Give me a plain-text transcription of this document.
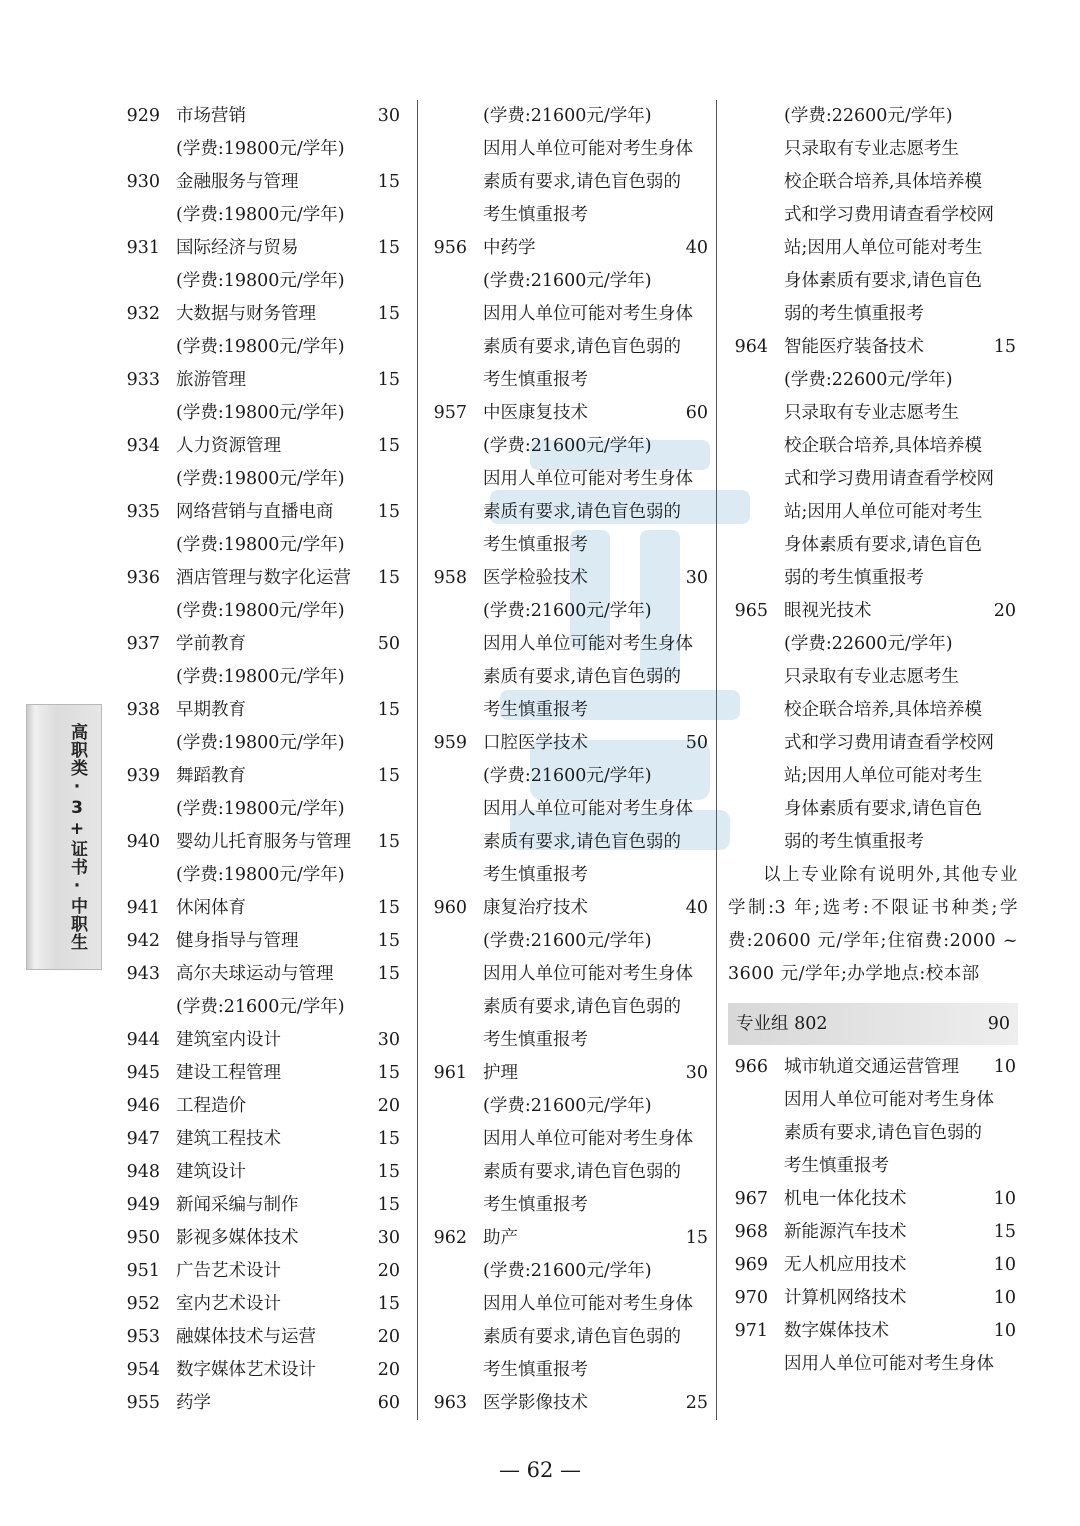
高职类·3+证书·中职生
929 市场营销	30
(学费:19800元/学年)
930 金融服务与管理	15
(学费:19800元/学年)
931 国际经济与贸易	15
(学费:19800元/学年)
932 大数据与财务管理	15
(学费:19800元/学年)
933 旅游管理	15
(学费:19800元/学年)
934 人力资源管理	15
(学费:19800元/学年)
935 网络营销与直播电商	15
(学费:19800元/学年)
936 酒店管理与数字化运营 15
(学费:19800元/学年)
937 学前教育	50
(学费:19800元/学年)
938 早期教育	15
(学费:19800元/学年)
939 舞蹈教育	15
(学费:19800元/学年)
940 婴幼儿托育服务与管理 15
(学费:19800元/学年)
941 休闲体育	15
942 健身指导与管理	15
943 高尔夫球运动与管理	15
(学费:21600元/学年)
944 建筑室内设计	30
945 建设工程管理	15
946 工程造价	20
947 建筑工程技术	15
948 建筑设计	15
949 新闻采编与制作	15
950 影视多媒体技术	30
951 广告艺术设计	20
952 室内艺术设计	15
953 融媒体技术与运营	20
954 数字媒体艺术设计	20
955 药学	60
(学费:21600元/学年)
因用人单位可能对考生身体
素质有要求,请色盲色弱的
考生慎重报考
956 中药学	40
(学费:21600元/学年)
因用人单位可能对考生身体
素质有要求,请色盲色弱的
考生慎重报考
957 中医康复技术	60
(学费:21600元/学年)
因用人单位可能对考生身体
素质有要求,请色盲色弱的
考生慎重报考
958 医学检验技术	30
(学费:21600元/学年)
因用人单位可能对考生身体
素质有要求,请色盲色弱的
考生慎重报考
959 口腔医学技术	50
(学费:21600元/学年)
因用人单位可能对考生身体
素质有要求,请色盲色弱的
考生慎重报考
960 康复治疗技术	40
(学费:21600元/学年)
因用人单位可能对考生身体
素质有要求,请色盲色弱的
考生慎重报考
961 护理	30
(学费:21600元/学年)
因用人单位可能对考生身体
素质有要求,请色盲色弱的
考生慎重报考
962 助产	15
(学费:21600元/学年)
因用人单位可能对考生身体
素质有要求,请色盲色弱的
考生慎重报考
963 医学影像技术	25
(学费:22600元/学年)
只录取有专业志愿考生
校企联合培养,具体培养模
式和学习费用请查看学校网
站;因用人单位可能对考生
身体素质有要求,请色盲色
弱的考生慎重报考
964 智能医疗装备技术	15
(学费:22600元/学年)
只录取有专业志愿考生
校企联合培养,具体培养模
式和学习费用请查看学校网
站;因用人单位可能对考生
身体素质有要求,请色盲色
弱的考生慎重报考
965 眼视光技术	20
(学费:22600元/学年)
只录取有专业志愿考生
校企联合培养,具体培养模
式和学习费用请查看学校网
站;因用人单位可能对考生
身体素质有要求,请色盲色
弱的考生慎重报考

以上专业除有说明外,其他专业学制:3 年;选考:不限证书种类;学费:20600 元/学年;住宿费:2000 ~ 3600 元/学年;办学地点:校本部

专业组 802	90
966 城市轨道交通运营管理 10
因用人单位可能对考生身体
素质有要求,请色盲色弱的
考生慎重报考
967 机电一体化技术	10
968 新能源汽车技术	15
969 无人机应用技术	10
970 计算机网络技术	10
971 数字媒体技术	10
因用人单位可能对考生身体
— 62 —
